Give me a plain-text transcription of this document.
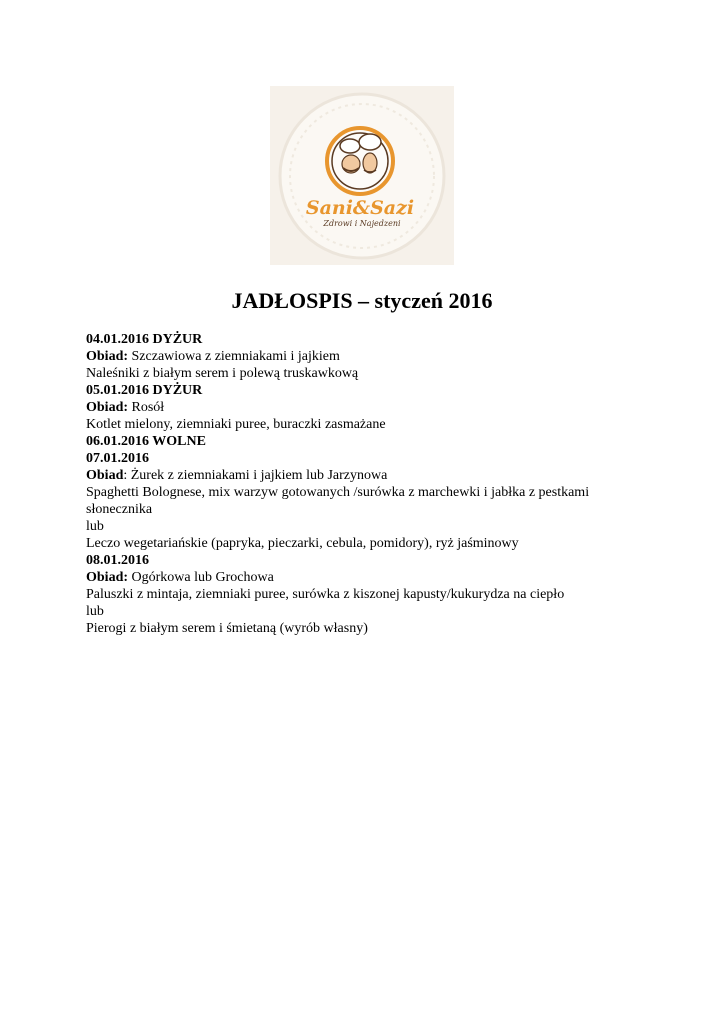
Sani&Sazi
Zdrowi i Najedzeni
JADŁOSPIS – styczeń 2016
04.01.2016 DYŻUR
Obiad: Szczawiowa z ziemniakami i jajkiem
Naleśniki z białym serem i polewą truskawkową
05.01.2016 DYŻUR
Obiad: Rosół
Kotlet mielony, ziemniaki puree, buraczki zasmażane
06.01.2016 WOLNE
07.01.2016
Obiad: Żurek z ziemniakami i jajkiem lub Jarzynowa
Spaghetti Bolognese, mix warzyw gotowanych /surówka z marchewki i jabłka z pestkami słonecznika
lub
Leczo wegetariańskie (papryka, pieczarki, cebula, pomidory), ryż jaśminowy
08.01.2016
Obiad: Ogórkowa lub Grochowa
Paluszki z mintaja, ziemniaki puree, surówka z kiszonej kapusty/kukurydza na ciepło
lub
Pierogi z białym serem i śmietaną (wyrób własny)
